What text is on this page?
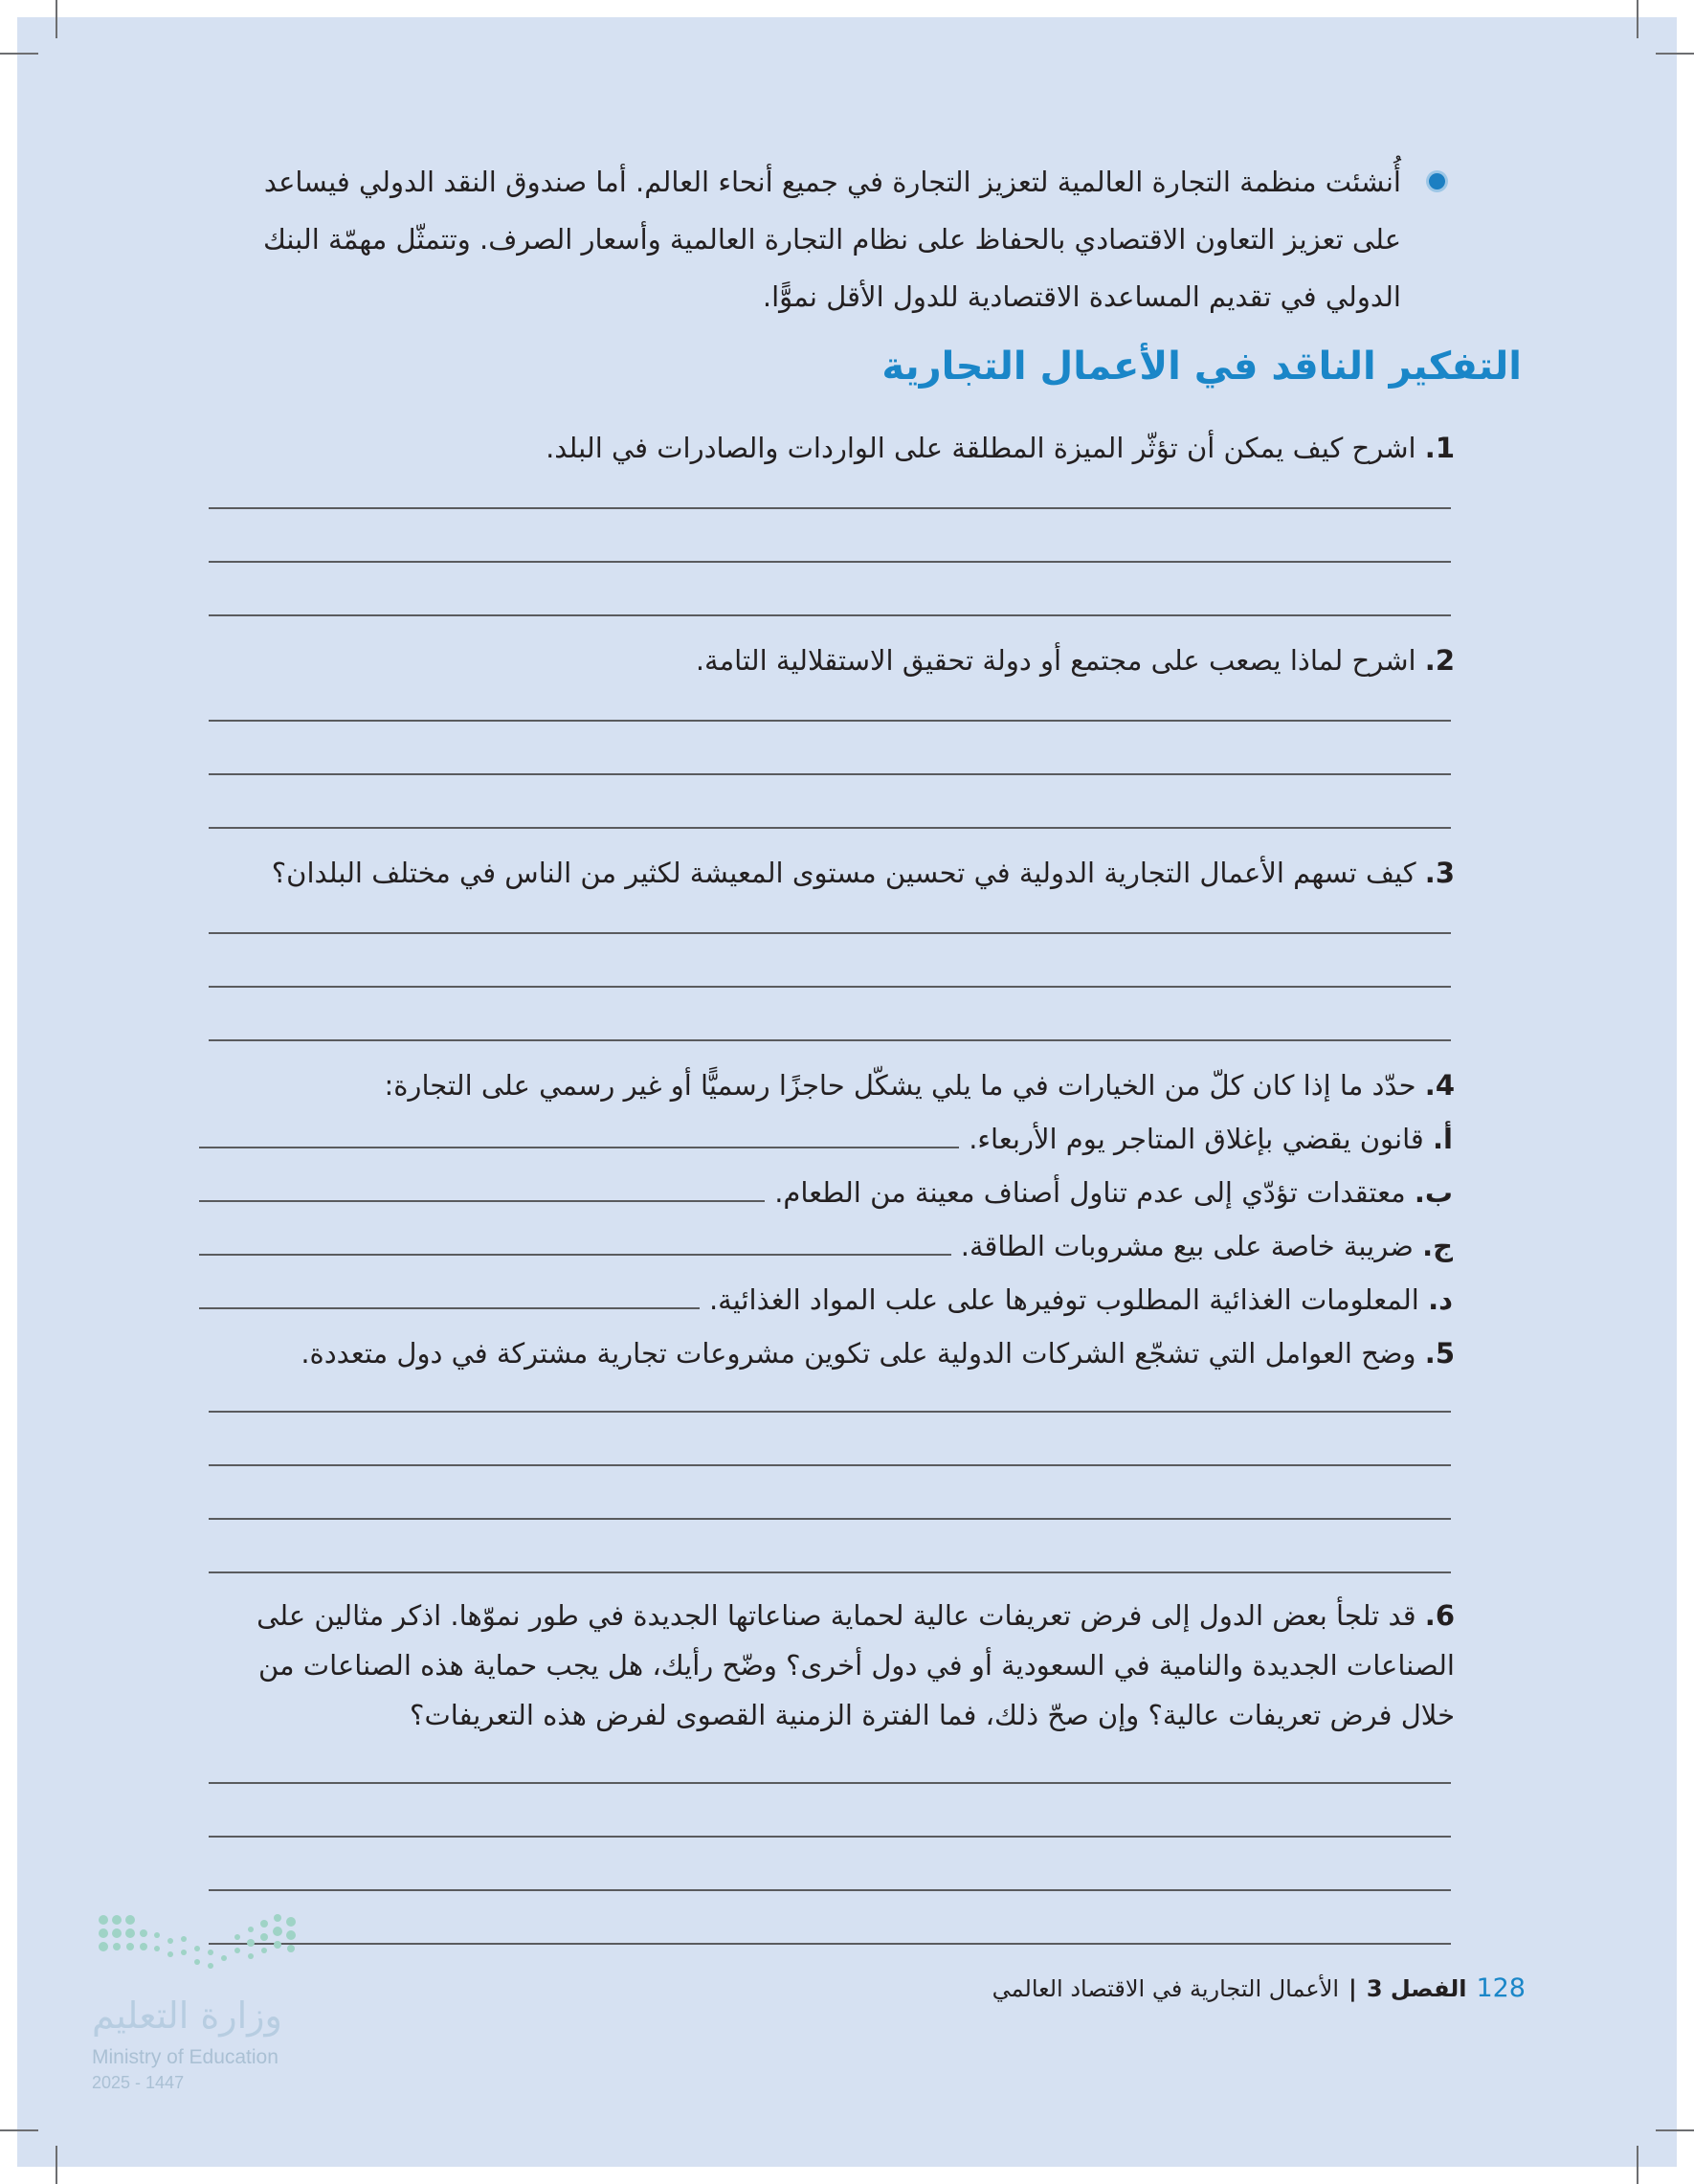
أُنشئت منظمة التجارة العالمية لتعزيز التجارة في جميع أنحاء العالم. أما صندوق النقد الدولي فيساعد على تعزيز التعاون الاقتصادي بالحفاظ على نظام التجارة العالمية وأسعار الصرف. وتتمثّل مهمّة البنك الدولي في تقديم المساعدة الاقتصادية للدول الأقل نموًّا.
التفكير الناقد في الأعمال التجارية
1. اشرح كيف يمكن أن تؤثّر الميزة المطلقة على الواردات والصادرات في البلد.
2. اشرح لماذا يصعب على مجتمع أو دولة تحقيق الاستقلالية التامة.
3. كيف تسهم الأعمال التجارية الدولية في تحسين مستوى المعيشة لكثير من الناس في مختلف البلدان؟
4. حدّد ما إذا كان كلّ من الخيارات في ما يلي يشكّل حاجزًا رسميًّا أو غير رسمي على التجارة:
أ. قانون يقضي بإغلاق المتاجر يوم الأربعاء.
ب. معتقدات تؤدّي إلى عدم تناول أصناف معينة من الطعام.
ج. ضريبة خاصة على بيع مشروبات الطاقة.
د. المعلومات الغذائية المطلوب توفيرها على علب المواد الغذائية.
5. وضح العوامل التي تشجّع الشركات الدولية على تكوين مشروعات تجارية مشتركة في دول متعددة.
6. قد تلجأ بعض الدول إلى فرض تعريفات عالية لحماية صناعاتها الجديدة في طور نموّها. اذكر مثالين على الصناعات الجديدة والنامية في السعودية أو في دول أخرى؟ وضّح رأيك، هل يجب حماية هذه الصناعات من خلال فرض تعريفات عالية؟ وإن صحّ ذلك، فما الفترة الزمنية القصوى لفرض هذه التعريفات؟
128
الفصل 3
|
الأعمال التجارية في الاقتصاد العالمي
وزارة التعليم
Ministry of Education
2025 - 1447
